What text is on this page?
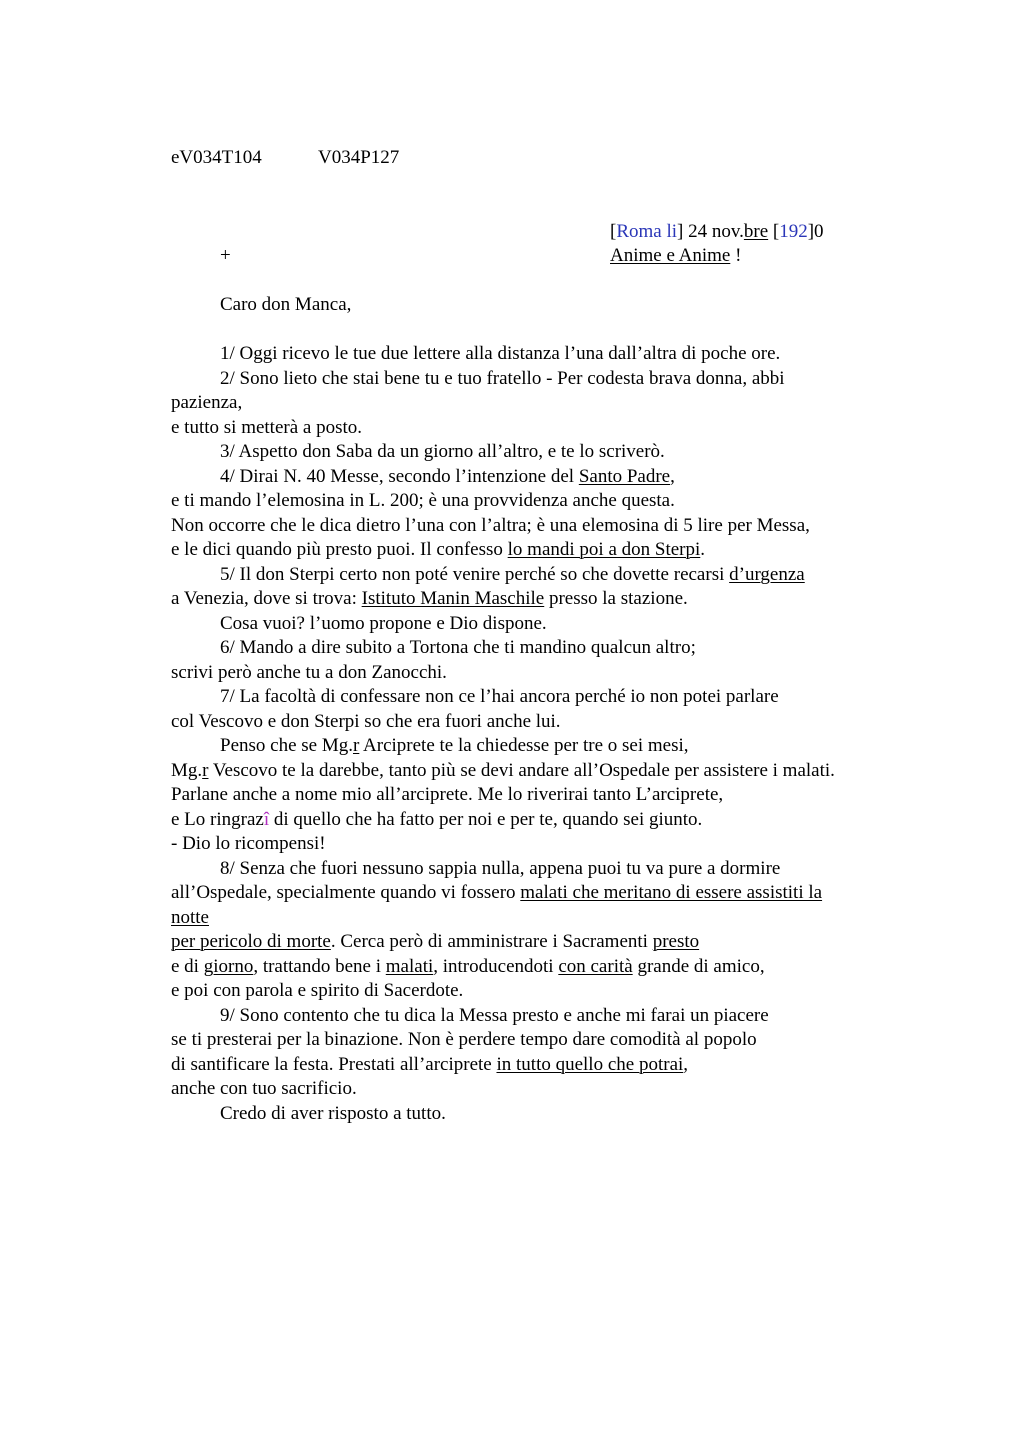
eV034T104	V034P127
[Roma li] 24 nov.bre [192]0
+	Anime e Anime !
Caro don Manca,
1/ Oggi ricevo le tue due lettere alla distanza l’una dall’altra di poche ore.
2/ Sono lieto che stai bene tu e tuo fratello - Per codesta brava donna, abbi
pazienza,
e tutto si metterà a posto.
3/ Aspetto don Saba da un giorno all’altro, e te lo scriverò.
4/ Dirai N. 40 Messe, secondo l’intenzione del Santo Padre,
e ti mando l’elemosina in L. 200; è una provvidenza anche questa.
Non occorre che le dica dietro l’una con l’altra; è una elemosina di 5 lire per Messa,
e le dici quando più presto puoi. Il confesso lo mandi poi a don Sterpi.
5/ Il don Sterpi certo non poté venire perché so che dovette recarsi d’urgenza
a Venezia, dove si trova: Istituto Manin Maschile presso la stazione.
Cosa vuoi? l’uomo propone e Dio dispone.
6/ Mando a dire subito a Tortona che ti mandino qualcun altro;
scrivi però anche tu a don Zanocchi.
7/ La facoltà di confessare non ce l’hai ancora perché io non potei parlare
col Vescovo e don Sterpi so che era fuori anche lui.
Penso che se Mg.r Arciprete te la chiedesse per tre o sei mesi,
Mg.r Vescovo te la darebbe, tanto più se devi andare all’Ospedale per assistere i malati.
Parlane anche a nome mio all’arciprete. Me lo riverirai tanto L’arciprete,
e Lo ringrazî di quello che ha fatto per noi e per te, quando sei giunto.
- Dio lo ricompensi!
8/ Senza che fuori nessuno sappia nulla, appena puoi tu va pure a dormire
all’Ospedale, specialmente quando vi fossero malati che meritano di essere assistiti la
notte
per pericolo di morte. Cerca però di amministrare i Sacramenti presto
e di giorno, trattando bene i malati, introducendoti con carità grande di amico,
e poi con parola e spirito di Sacerdote.
9/ Sono contento che tu dica la Messa presto e anche mi farai un piacere
se ti presterai per la binazione. Non è perdere tempo dare comodità al popolo
di santificare la festa. Prestati all’arciprete in tutto quello che potrai,
anche con tuo sacrificio.
Credo di aver risposto a tutto.
